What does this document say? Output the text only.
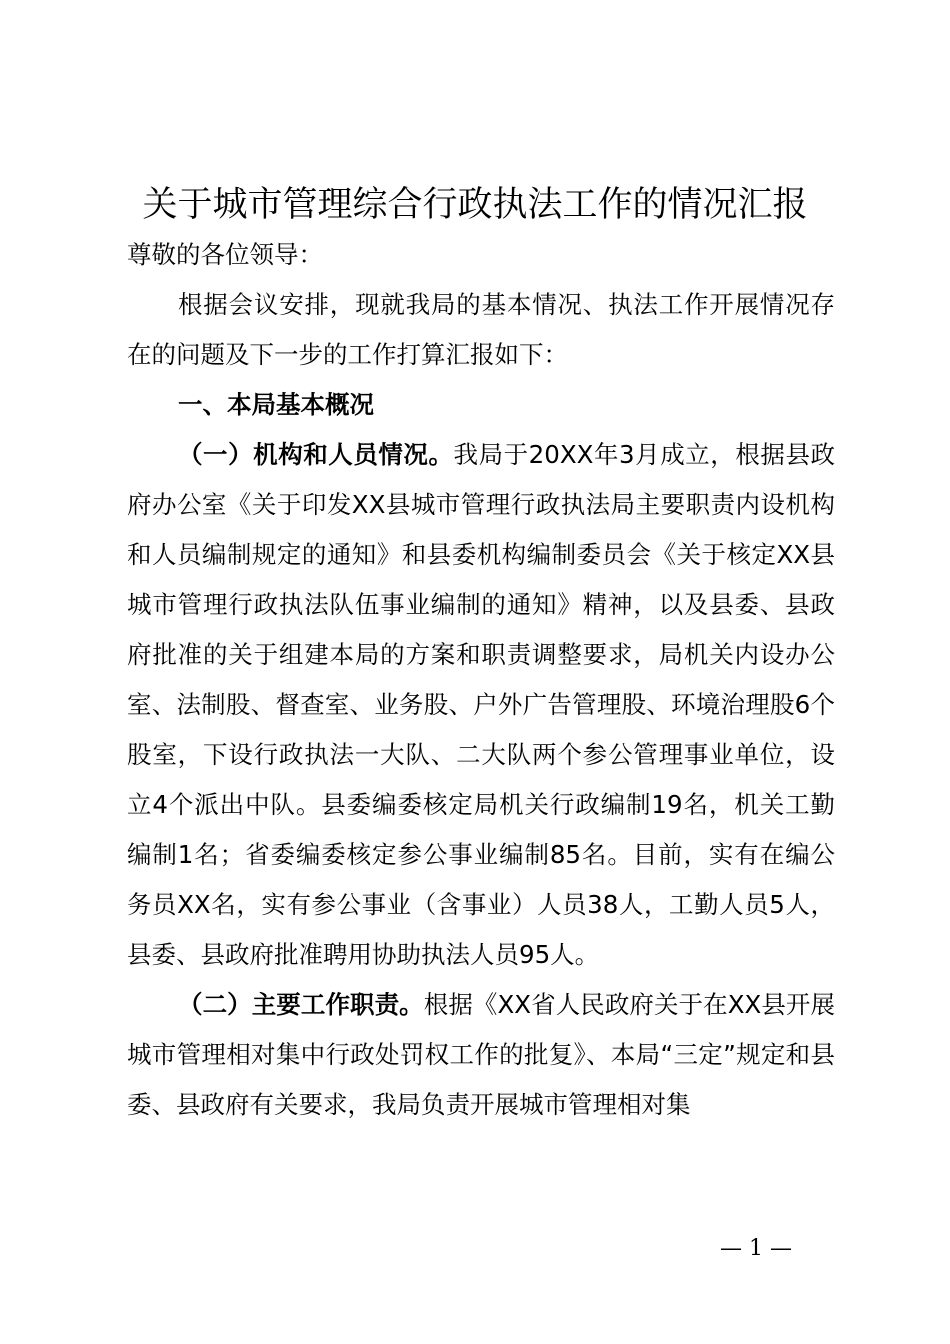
关于城市管理综合行政执法工作的情况汇报

尊敬的各位领导：

根据会议安排，现就我局的基本情况、执法工作开展情况存在的问题及下一步的工作打算汇报如下：

一、本局基本概况

（一）机构和人员情况。我局于20XX年3月成立，根据县政府办公室《关于印发XX县城市管理行政执法局主要职责内设机构和人员编制规定的通知》和县委机构编制委员会《关于核定XX县城市管理行政执法队伍事业编制的通知》精神，以及县委、县政府批准的关于组建本局的方案和职责调整要求，局机关内设办公室、法制股、督查室、业务股、户外广告管理股、环境治理股6个股室，下设行政执法一大队、二大队两个参公管理事业单位，设立4个派出中队。县委编委核定局机关行政编制19名，机关工勤编制1名；省委编委核定参公事业编制85名。目前，实有在编公务员XX名，实有参公事业（含事业）人员38人，工勤人员5人，县委、县政府批准聘用协助执法人员95人。

（二）主要工作职责。根据《XX省人民政府关于在XX县开展城市管理相对集中行政处罚权工作的批复》、本局“三定”规定和县委、县政府有关要求，我局负责开展城市管理相对集

— 1 —
